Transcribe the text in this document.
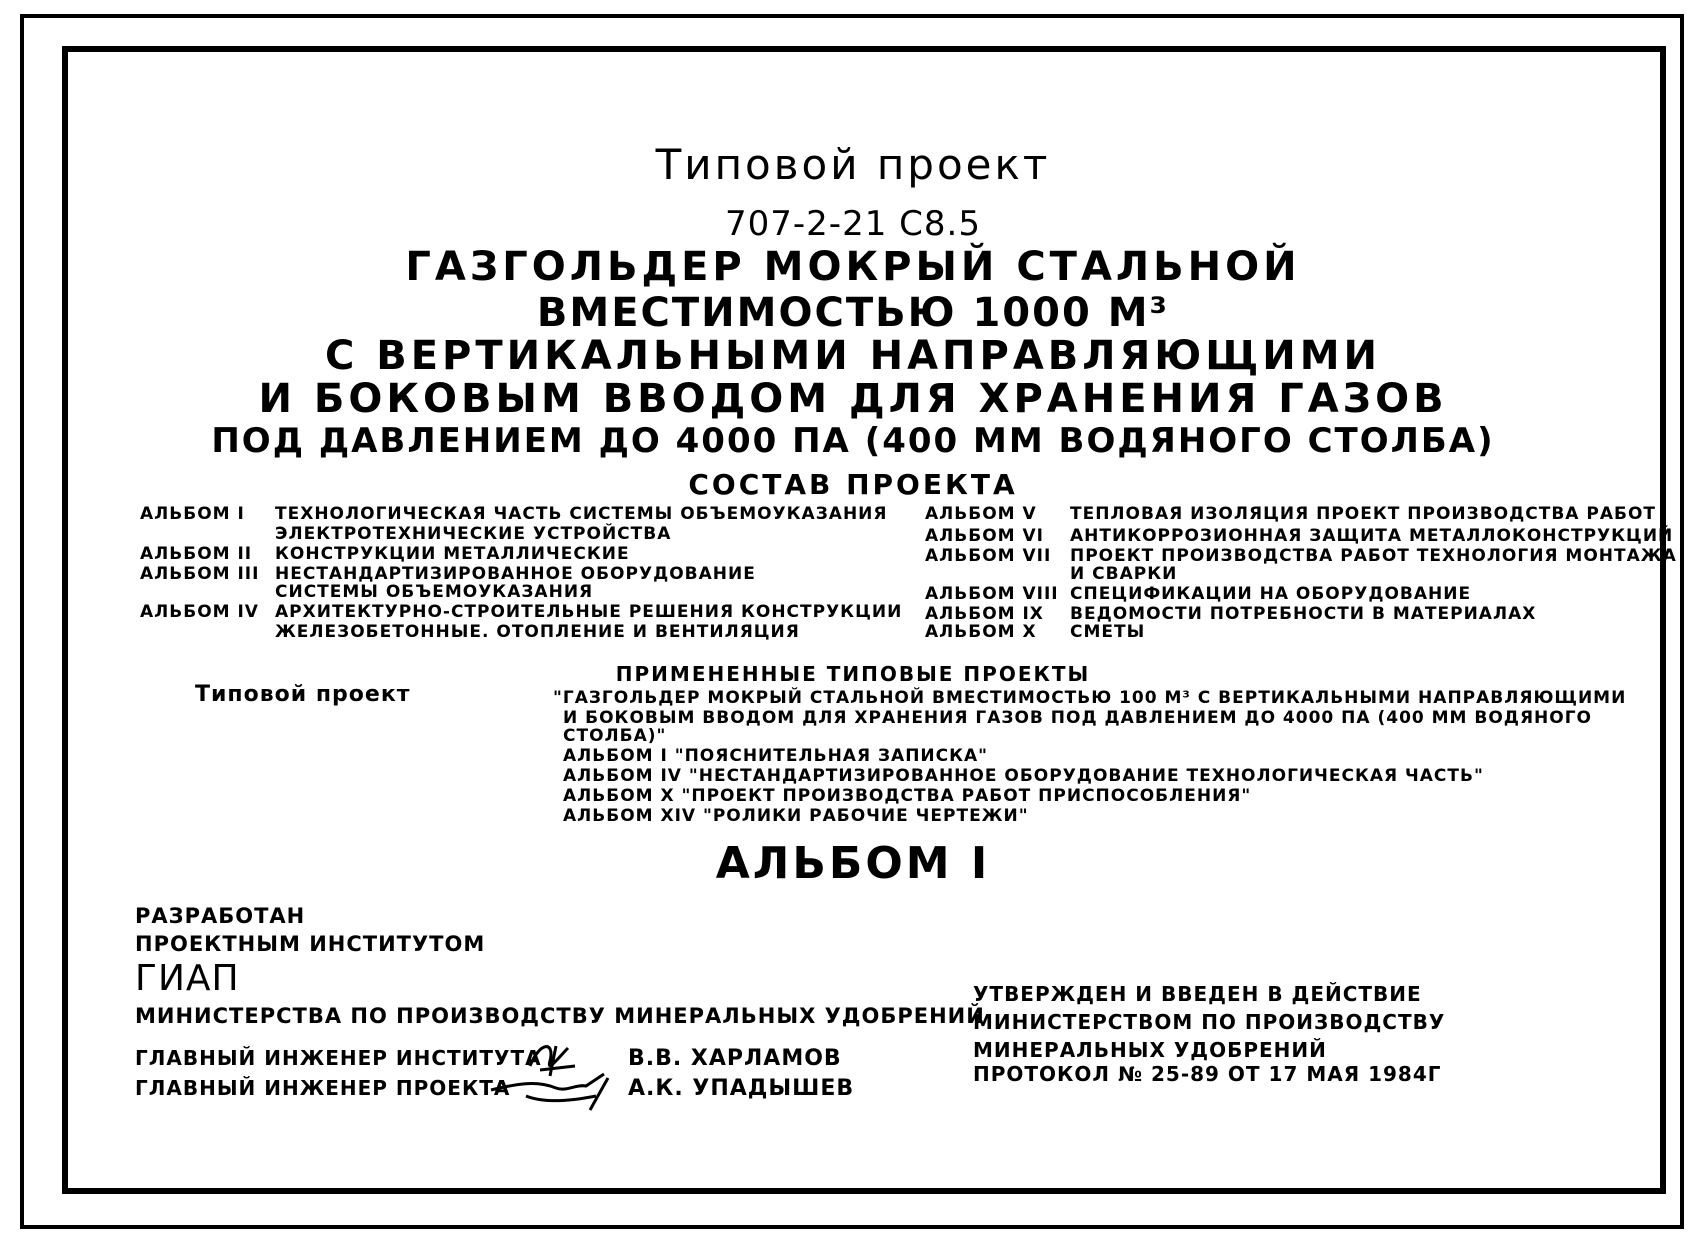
Типовой проект
707-2-21 С8.5
ГАЗГОЛЬДЕР МОКРЫЙ СТАЛЬНОЙ
ВМЕСТИМОСТЬЮ 1000 М³
С ВЕРТИКАЛЬНЫМИ НАПРАВЛЯЮЩИМИ
И БОКОВЫМ ВВОДОМ ДЛЯ ХРАНЕНИЯ ГАЗОВ
ПОД ДАВЛЕНИЕМ ДО 4000 ПА (400 ММ ВОДЯНОГО СТОЛБА)
СОСТАВ ПРОЕКТА
АЛЬБОМ I ТЕХНОЛОГИЧЕСКАЯ ЧАСТЬ СИСТЕМЫ ОБЪЕМОУКАЗАНИЯ
ЭЛЕКТРОТЕХНИЧЕСКИЕ УСТРОЙСТВА
АЛЬБОМ II КОНСТРУКЦИИ МЕТАЛЛИЧЕСКИЕ
АЛЬБОМ III НЕСТАНДАРТИЗИРОВАННОЕ ОБОРУДОВАНИЕ
СИСТЕМЫ ОБЪЕМОУКАЗАНИЯ
АЛЬБОМ IV АРХИТЕКТУРНО-СТРОИТЕЛЬНЫЕ РЕШЕНИЯ КОНСТРУКЦИИ
ЖЕЛЕЗОБЕТОННЫЕ. ОТОПЛЕНИЕ И ВЕНТИЛЯЦИЯ
АЛЬБОМ V ТЕПЛОВАЯ ИЗОЛЯЦИЯ ПРОЕКТ ПРОИЗВОДСТВА РАБОТ
АЛЬБОМ VI АНТИКОРРОЗИОННАЯ ЗАЩИТА МЕТАЛЛОКОНСТРУКЦИЙ
АЛЬБОМ VII ПРОЕКТ ПРОИЗВОДСТВА РАБОТ ТЕХНОЛОГИЯ МОНТАЖА
И СВАРКИ
АЛЬБОМ VIII СПЕЦИФИКАЦИИ НА ОБОРУДОВАНИЕ
АЛЬБОМ IX ВЕДОМОСТИ ПОТРЕБНОСТИ В МАТЕРИАЛАХ
АЛЬБОМ X СМЕТЫ
ПРИМЕНЕННЫЕ ТИПОВЫЕ ПРОЕКТЫ
Типовой проект	"ГАЗГОЛЬДЕР МОКРЫЙ СТАЛЬНОЙ ВМЕСТИМОСТЬЮ 100 М³ С ВЕРТИКАЛЬНЫМИ НАПРАВЛЯЮЩИМИ
И БОКОВЫМ ВВОДОМ ДЛЯ ХРАНЕНИЯ ГАЗОВ ПОД ДАВЛЕНИЕМ ДО 4000 ПА (400 ММ ВОДЯНОГО
СТОЛБА)"
АЛЬБОМ I "ПОЯСНИТЕЛЬНАЯ ЗАПИСКА"
АЛЬБОМ IV "НЕСТАНДАРТИЗИРОВАННОЕ ОБОРУДОВАНИЕ ТЕХНОЛОГИЧЕСКАЯ ЧАСТЬ"
АЛЬБОМ X "ПРОЕКТ ПРОИЗВОДСТВА РАБОТ ПРИСПОСОБЛЕНИЯ"
АЛЬБОМ XIV "РОЛИКИ РАБОЧИЕ ЧЕРТЕЖИ"
АЛЬБОМ I
РАЗРАБОТАН
ПРОЕКТНЫМ ИНСТИТУТОМ
ГИАП
МИНИСТЕРСТВА ПО ПРОИЗВОДСТВУ МИНЕРАЛЬНЫХ УДОБРЕНИЙ
ГЛАВНЫЙ ИНЖЕНЕР ИНСТИТУТА
ГЛАВНЫЙ ИНЖЕНЕР ПРОЕКТА
В.В. ХАРЛАМОВ
А.К. УПАДЫШЕВ
УТВЕРЖДЕН И ВВЕДЕН В ДЕЙСТВИЕ
МИНИСТЕРСТВОМ ПО ПРОИЗВОДСТВУ
МИНЕРАЛЬНЫХ УДОБРЕНИЙ
ПРОТОКОЛ № 25-89 ОТ 17 МАЯ 1984Г
